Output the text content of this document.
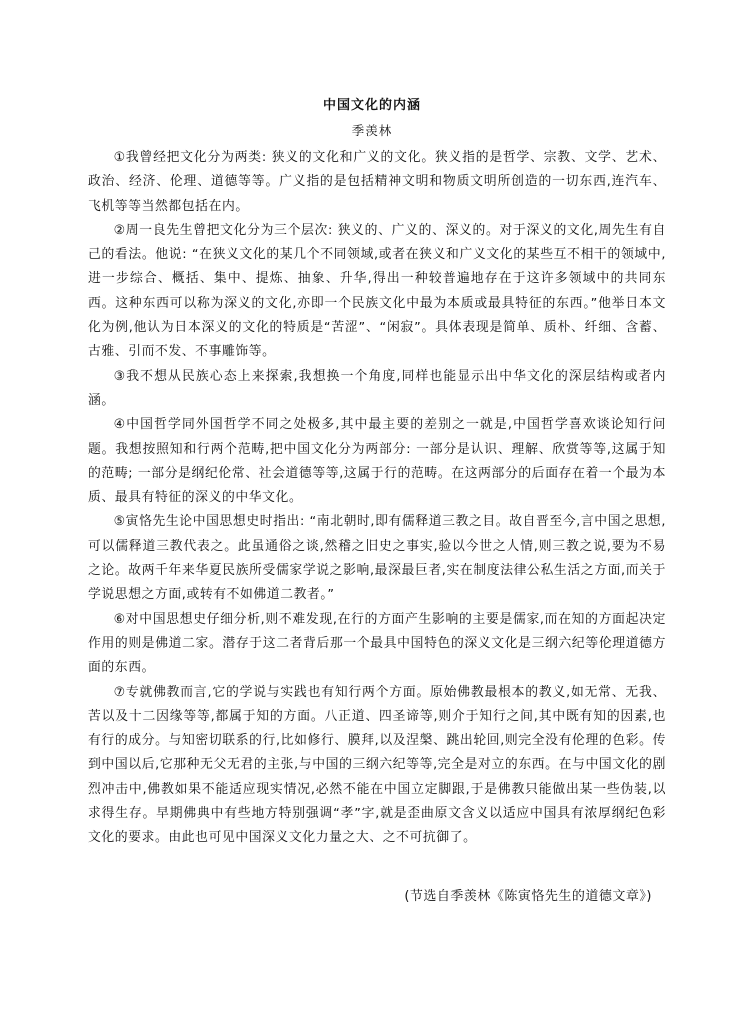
中国文化的内涵
季羡林

①我曾经把文化分为两类: 狭义的文化和广义的文化。狭义指的是哲学、宗教、文学、艺术、政治、经济、伦理、道德等等。广义指的是包括精神文明和物质文明所创造的一切东西,连汽车、飞机等等当然都包括在内。

②周一良先生曾把文化分为三个层次: 狭义的、广义的、深义的。对于深义的文化,周先生有自己的看法。他说: “在狭义文化的某几个不同领域,或者在狭义和广义文化的某些互不相干的领域中,进一步综合、概括、集中、提炼、抽象、升华,得出一种较普遍地存在于这许多领域中的共同东西。这种东西可以称为深义的文化,亦即一个民族文化中最为本质或最具特征的东西。”他举日本文化为例,他认为日本深义的文化的特质是“苦涩”、“闲寂”。具体表现是简单、质朴、纤细、含蓄、古雅、引而不发、不事雕饰等。

③我不想从民族心态上来探索,我想换一个角度,同样也能显示出中华文化的深层结构或者内涵。

④中国哲学同外国哲学不同之处极多,其中最主要的差别之一就是,中国哲学喜欢谈论知行问题。我想按照知和行两个范畴,把中国文化分为两部分: 一部分是认识、理解、欣赏等等,这属于知的范畴; 一部分是纲纪伦常、社会道德等等,这属于行的范畴。在这两部分的后面存在着一个最为本质、最具有特征的深义的中华文化。

⑤寅恪先生论中国思想史时指出: “南北朝时,即有儒释道三教之目。故自晋至今,言中国之思想,可以儒释道三教代表之。此虽通俗之谈,然稽之旧史之事实,验以今世之人情,则三教之说,要为不易之论。故两千年来华夏民族所受儒家学说之影响,最深最巨者,实在制度法律公私生活之方面,而关于学说思想之方面,或转有不如佛道二教者。”

⑥对中国思想史仔细分析,则不难发现,在行的方面产生影响的主要是儒家,而在知的方面起决定作用的则是佛道二家。潜存于这二者背后那一个最具中国特色的深义文化是三纲六纪等伦理道德方面的东西。

⑦专就佛教而言,它的学说与实践也有知行两个方面。原始佛教最根本的教义,如无常、无我、苦以及十二因缘等等,都属于知的方面。八正道、四圣谛等,则介于知行之间,其中既有知的因素,也有行的成分。与知密切联系的行,比如修行、膜拜,以及涅槃、跳出轮回,则完全没有伦理的色彩。传到中国以后,它那种无父无君的主张,与中国的三纲六纪等等,完全是对立的东西。在与中国文化的剧烈冲击中,佛教如果不能适应现实情况,必然不能在中国立定脚跟,于是佛教只能做出某一些伪装,以求得生存。早期佛典中有些地方特别强调“孝”字,就是歪曲原文含义以适应中国具有浓厚纲纪色彩文化的要求。由此也可见中国深义文化力量之大、之不可抗御了。

(节选自季羡林《陈寅恪先生的道德文章》)
